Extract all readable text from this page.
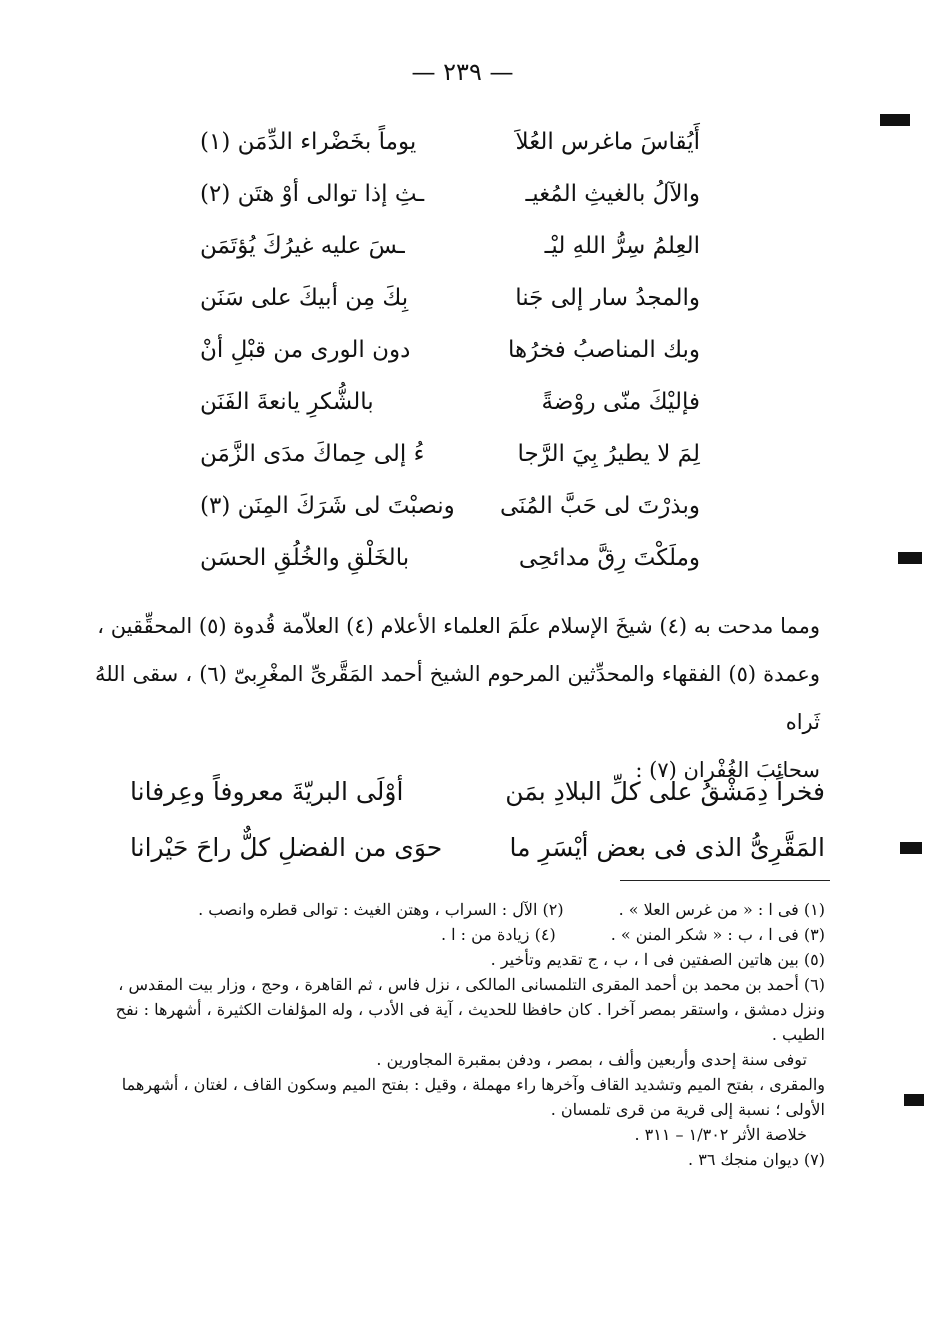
— ٢٣٩ —
أَيُقاسَ ماغرس العُلاَ
يوماً بخَضْراء الدِّمَن (١)
والآلُ بالغيثِ المُغيـ
ـثِ إذا توالى أوْ هتَن (٢)
العِلمُ سِرُّ اللهِ ليْـ
ـسَ عليه غيرُكَ يُؤتَمَن
والمجدُ سار إلى جَنا
بِكَ مِن أبيكَ على سَنَن
وبك المناصبُ فخرُها
دون الورى من قبْلِ أنْ
فإليْكَ منّى روْضةً
بالشُّكرِ يانعةَ الفَنَن
لِمَ لا يطيرُ بِيَ الرَّجا
ءُ إلى حِماكَ مدَى الزَّمَن
وبذرْتَ لى حَبَّ المُنَى
ونصبْتَ لى شَرَكَ المِنَن (٣)
وملَكْتَ رِقَّ مدائحِى
بالخَلْقِ والخُلُقِ الحسَن
ومما مدحت به (٤) شيخَ الإسلام علَمَ العلماء الأعلام (٤) العلاّمة قُدوة (٥) المحقِّقين ،
وعمدة (٥) الفقهاء والمحدِّثين المرحوم الشيخ أحمد المَقَّرىِّ المغْرِبىّ (٦) ، سقى اللهُ ثَراه
سحائبَ الغُفْران (٧) :
فخراً دِمَشْقُ على كلِّ البلادِ بمَن
أوْلَى البريّةَ معروفاً وعِرفانا
المَقَّرِىُّ الذى فى بعض أيْسَرِ ما
حوَى من الفضلِ كلٌّ راحَ حَيْرانا
(١) فى ا : « من غرس العلا » .
(٢) الآل : السراب ، وهتن الغيث : توالى قطره وانصب .
(٣) فى ا ، ب : « شكر المنن » .
(٤) زيادة من : ا .

(٥) بين هاتين الصفتين فى ا ، ب ، ج تقديم وتأخير .

(٦) أحمد بن محمد بن أحمد المقرى التلمسانى المالكى ، نزل فاس ، ثم القاهرة ، وحج ، وزار بيت المقدس ، ونزل دمشق ، واستقر بمصر آخرا . كان حافظا للحديث ، آية فى الأدب ، وله المؤلفات الكثيرة ، أشهرها : نفح الطيب .

توفى سنة إحدى وأربعين وألف ، بمصر ، ودفن بمقبرة المجاورين .

والمقرى ، بفتح الميم وتشديد القاف وآخرها راء مهملة ، وقيل : بفتح الميم وسكون القاف ، لغتان ، أشهرهما الأولى ؛ نسبة إلى قرية من قرى تلمسان .

خلاصة الأثر ١/٣٠٢ – ٣١١ .

(٧) ديوان منجك ٣٦ .
